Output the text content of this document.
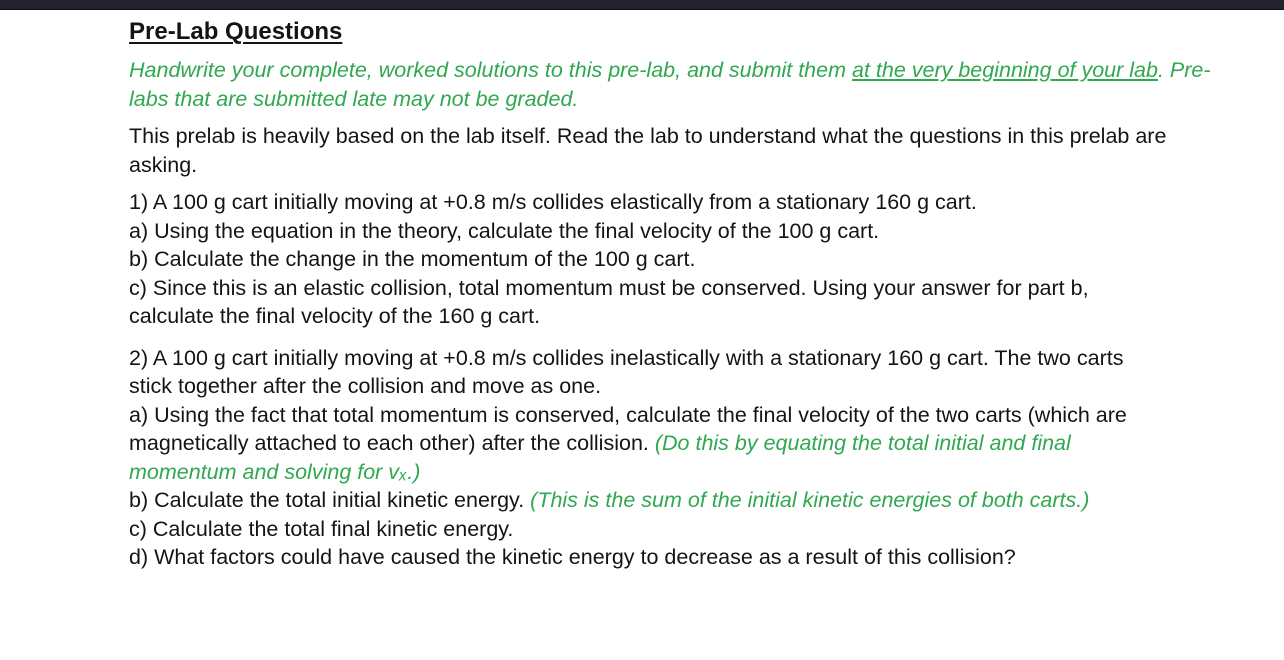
Pre-Lab Questions
Handwrite your complete, worked solutions to this pre-lab, and submit them at the very beginning of your lab. Pre-labs that are submitted late may not be graded.
This prelab is heavily based on the lab itself. Read the lab to understand what the questions in this prelab are asking.
1) A 100 g cart initially moving at +0.8 m/s collides elastically from a stationary 160 g cart.
a) Using the equation in the theory, calculate the final velocity of the 100 g cart.
b) Calculate the change in the momentum of the 100 g cart.
c) Since this is an elastic collision, total momentum must be conserved. Using your answer for part b, calculate the final velocity of the 160 g cart.
2) A 100 g cart initially moving at +0.8 m/s collides inelastically with a stationary 160 g cart. The two carts stick together after the collision and move as one.
a) Using the fact that total momentum is conserved, calculate the final velocity of the two carts (which are magnetically attached to each other) after the collision. (Do this by equating the total initial and final momentum and solving for vₓ.)
b) Calculate the total initial kinetic energy. (This is the sum of the initial kinetic energies of both carts.)
c) Calculate the total final kinetic energy.
d) What factors could have caused the kinetic energy to decrease as a result of this collision?
